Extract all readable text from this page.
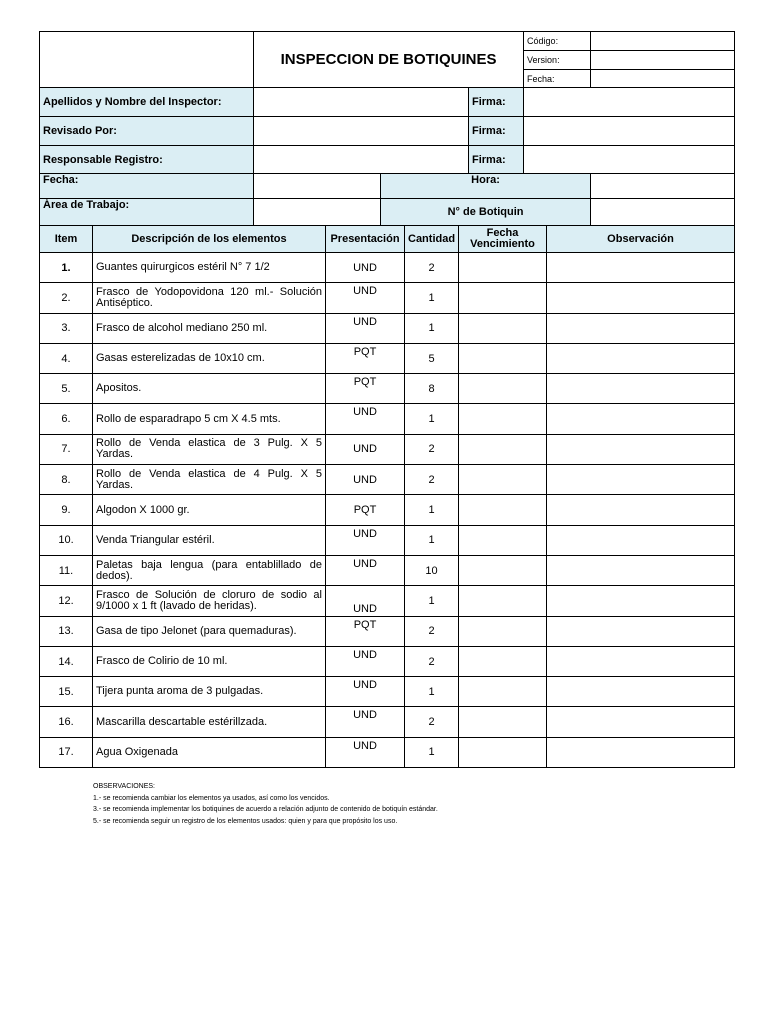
	INSPECCION DE BOTIQUINES			Código:	
				Version:	
				Fecha:	
Apellidos y Nombre del Inspector:			Firma:		
Revisado Por:			Firma:		
Responsable Registro:			Firma:		
Fecha:		Hora:			
Área de Trabajo:		N° de Botiquin			
Item	Descripción de los elementos	Presentación	Cantidad	Fecha Vencimiento	Observación
1.	Guantes quirurgicos estéril N° 7 1/2	UND	2		
2.	Frasco de Yodopovidona 120 ml.- Solución Antiséptico.	UND	1		
3.	Frasco de alcohol mediano 250 ml.	UND	1		
4.	Gasas esterelizadas de 10x10 cm.	PQT	5		
5.	Apositos.	PQT	8		
6.	Rollo de esparadrapo 5 cm X 4.5 mts.	UND	1		
7.	Rollo de Venda elastica de 3 Pulg. X 5 Yardas.	UND	2		
8.	Rollo de Venda elastica de 4 Pulg. X 5 Yardas.	UND	2		
9.	Algodon X 1000 gr.	PQT	1		
10.	Venda Triangular estéril.	UND	1		
11.	Paletas baja lengua (para entablillado de dedos).	UND	10		
12.	Frasco de Solución de cloruro de sodio al 9/1000 x 1 ft (lavado de heridas).	UND	1		
13.	Gasa de tipo Jelonet (para quemaduras).	PQT	2		
14.	Frasco de Colirio de 10 ml.	UND	2		
15.	Tijera punta aroma de 3 pulgadas.	UND	1		
16.	Mascarilla descartable estérillzada.	UND	2		
17.	Agua Oxigenada	UND	1		
OBSERVACIONES:
1.- se recomienda cambiar los elementos ya usados, así como los vencidos.
3.- se recomienda implementar los botiquines de acuerdo a relación adjunto de contenido de botiquín estándar.
5.- se recomienda seguir un registro de los elementos usados: quien y para que propósito los uso.
